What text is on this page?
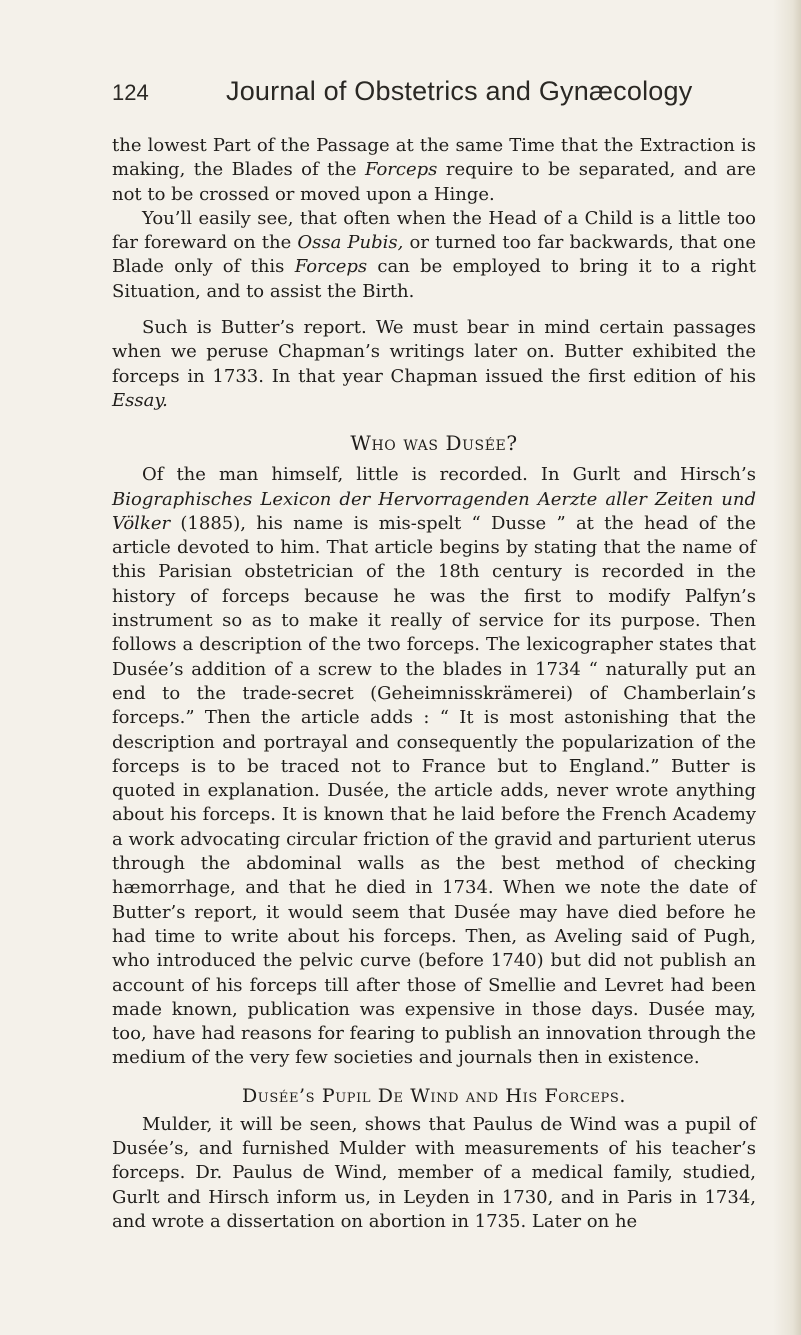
124	Journal of Obstetrics and Gynæcology

the lowest Part of the Passage at the same Time that the Extraction is making, the Blades of the Forceps require to be separated, and are not to be crossed or moved upon a Hinge.

You’ll easily see, that often when the Head of a Child is a little too far foreward on the Ossa Pubis, or turned too far backwards, that one Blade only of this Forceps can be employed to bring it to a right Situation, and to assist the Birth.

Such is Butter’s report. We must bear in mind certain passages when we peruse Chapman’s writings later on. Butter exhibited the forceps in 1733. In that year Chapman issued the first edition of his Essay.

Who was Dusée?

Of the man himself, little is recorded. In Gurlt and Hirsch’s Biographisches Lexicon der Hervorragenden Aerzte aller Zeiten und Völker (1885), his name is mis-spelt “ Dusse ” at the head of the article devoted to him. That article begins by stating that the name of this Parisian obstetrician of the 18th century is recorded in the history of forceps because he was the first to modify Palfyn’s instrument so as to make it really of service for its purpose. Then follows a description of the two forceps. The lexicographer states that Dusée’s addition of a screw to the blades in 1734 “ naturally put an end to the trade-secret (Geheimnisskrämerei) of Chamberlain’s forceps.” Then the article adds : “ It is most astonishing that the description and portrayal and consequently the popularization of the forceps is to be traced not to France but to England.” Butter is quoted in explanation. Dusée, the article adds, never wrote anything about his forceps. It is known that he laid before the French Academy a work advocating circular friction of the gravid and parturient uterus through the abdominal walls as the best method of checking hæmorrhage, and that he died in 1734. When we note the date of Butter’s report, it would seem that Dusée may have died before he had time to write about his forceps. Then, as Aveling said of Pugh, who introduced the pelvic curve (before 1740) but did not publish an account of his forceps till after those of Smellie and Levret had been made known, publication was expensive in those days. Dusée may, too, have had reasons for fearing to publish an innovation through the medium of the very few societies and journals then in existence.

Dusée’s Pupil De Wind and His Forceps.

Mulder, it will be seen, shows that Paulus de Wind was a pupil of Dusée’s, and furnished Mulder with measurements of his teacher’s forceps. Dr. Paulus de Wind, member of a medical family, studied, Gurlt and Hirsch inform us, in Leyden in 1730, and in Paris in 1734, and wrote a dissertation on abortion in 1735. Later on he
